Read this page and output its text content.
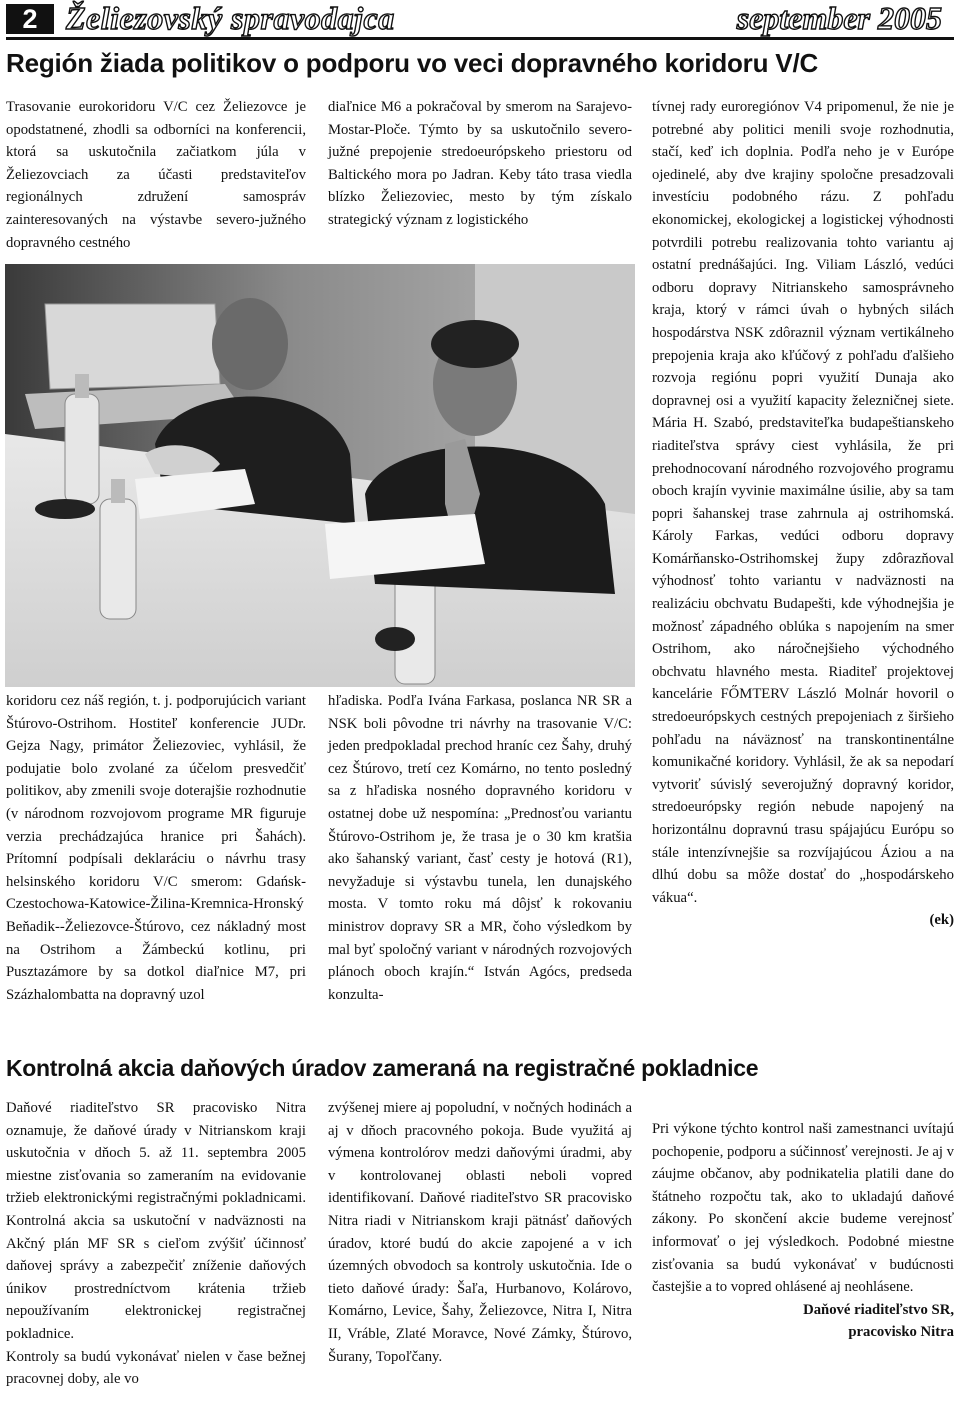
2 Želiezovský spravodajca	september 2005
Región žiada politikov o podporu vo veci dopravného koridoru V/C

Trasovanie eurokoridoru V/C cez Želiezovce je opodstatnené, zhodli sa odborníci na konferencii, ktorá sa uskutočnila začiatkom júla v Želiezovciach za účasti predstaviteľov regionálnych združení samospráv zainteresovaných na výstavbe severo-južného dopravného cestného

diaľnice M6 a pokračoval by smerom na Sarajevo-Mostar-Ploče. Týmto by sa uskutočnilo severo-južné prepojenie stredoeurópskeho priestoru od Baltického mora po Jadran. Keby táto trasa viedla blízko Želiezoviec, mesto by tým získalo strategický význam z logistického

koridoru cez náš región, t. j. podporujúcich variant Štúrovo-Ostrihom. Hostiteľ konferencie JUDr. Gejza Nagy, primátor Želiezoviec, vyhlásil, že podujatie bolo zvolané za účelom presvedčiť politikov, aby zmenili svoje doterajšie rozhodnutie (v národnom rozvojovom programe MR figuruje verzia prechádzajúca hranice pri Šahách). Prítomní podpísali deklaráciu o návrhu trasy helsinského koridoru V/C smerom: Gdańsk-Czestochowa-Katowice-Žilina-Kremnica-Hronský Beňadik--Želiezovce-Štúrovo, cez nákladný most na Ostrihom a Žámbeckú kotlinu, pri Pusztazámore by sa dotkol diaľnice M7, pri Százhalombatta na dopravný uzol

hľadiska. Podľa Ivána Farkasa, poslanca NR SR a NSK boli pôvodne tri návrhy na trasovanie V/C: jeden predpokladal prechod hraníc cez Šahy, druhý cez Štúrovo, tretí cez Komárno, no tento posledný sa z hľadiska nosného dopravného koridoru v ostatnej dobe už nespomína: „Prednosťou variantu Štúrovo-Ostrihom je, že trasa je o 30 km kratšia ako šahanský variant, časť cesty je hotová (R1), nevyžaduje si výstavbu tunela, len dunajského mosta. V tomto roku má dôjsť k rokovaniu ministrov dopravy SR a MR, čoho výsledkom by mal byť spoločný variant v národných rozvojových plánoch oboch krajín.“ István Agócs, predseda konzulta-

tívnej rady euroregiónov V4 pripomenul, že nie je potrebné aby politici menili svoje rozhodnutia, stačí, keď ich doplnia. Podľa neho je v Európe ojedinelé, aby dve krajiny spoločne presadzovali investíciu podobného rázu. Z pohľadu ekonomickej, ekologickej a logistickej výhodnosti potvrdili potrebu realizovania tohto variantu aj ostatní prednášajúci. Ing. Viliam László, vedúci odboru dopravy Nitrianskeho samosprávneho kraja, ktorý v rámci úvah o hybných silách hospodárstva NSK zdôraznil význam vertikálneho prepojenia kraja ako kľúčový z pohľadu ďalšieho rozvoja regiónu popri využití Dunaja ako dopravnej osi a využití kapacity železničnej siete. Mária H. Szabó, predstaviteľka budapeštianskeho riaditeľstva správy ciest vyhlásila, že pri prehodnocovaní národného rozvojového programu oboch krajín vyvinie maximálne úsilie, aby sa tam popri šahanskej trase zahrnula aj ostrihomská. Károly Farkas, vedúci odboru dopravy Komárňansko-Ostrihomskej župy zdôrazňoval výhodnosť tohto variantu v nadväznosti na realizáciu obchvatu Budapešti, kde výhodnejšia je možnosť západného oblúka s napojením na smer Ostrihom, ako náročnejšieho východného obchvatu hlavného mesta. Riaditeľ projektovej kancelárie FŐMTERV László Molnár hovoril o stredoeurópskych cestných prepojeniach z širšieho pohľadu na náväznosť na transkontinentálne komunikačné koridory. Vyhlásil, že ak sa nepodarí vytvoriť súvislý severojužný dopravný koridor, stredoeurópsky región nebude napojený na horizontálnu dopravnú trasu spájajúcu Európu so stále intenzívnejšie sa rozvíjajúcou Áziou a na dlhú dobu sa môže dostať do „hospodárskeho vákua“.

(ek)

Kontrolná akcia daňových úradov zameraná na registračné pokladnice

Daňové riaditeľstvo SR pracovisko Nitra oznamuje, že daňové úrady v Nitrianskom kraji uskutočnia v dňoch 5. až 11. septembra 2005 miestne zisťovania so zameraním na evidovanie tržieb elektronickými registračnými pokladnicami. Kontrolná akcia sa uskutoční v nadväznosti na Akčný plán MF SR s cieľom zvýšiť účinnosť daňovej správy a zabezpečiť zníženie daňových únikov prostredníctvom krátenia tržieb nepoužívaním elektronickej registračnej pokladnice.

Kontroly sa budú vykonávať nielen v čase bežnej pracovnej doby, ale vo

zvýšenej miere aj popoludní, v nočných hodinách a aj v dňoch pracovného pokoja. Bude využitá aj výmena kontrolórov medzi daňovými úradmi, aby v kontrolovanej oblasti neboli vopred identifikovaní. Daňové riaditeľstvo SR pracovisko Nitra riadi v Nitrianskom kraji pätnásť daňových úradov, ktoré budú do akcie zapojené a v ich územných obvodoch sa kontroly uskutočnia. Ide o tieto daňové úrady: Šaľa, Hurbanovo, Kolárovo, Komárno, Levice, Šahy, Želiezovce, Nitra I, Nitra II, Vráble, Zlaté Moravce, Nové Zámky, Štúrovo, Šurany, Topoľčany.

Pri výkone týchto kontrol naši zamestnanci uvítajú pochopenie, podporu a súčinnosť verejnosti. Je aj v záujme občanov, aby podnikatelia platili dane do štátneho rozpočtu tak, ako to ukladajú daňové zákony. Po skončení akcie budeme verejnosť informovať o jej výsledkoch. Podobné miestne zisťovania sa budú vykonávať v budúcnosti častejšie a to vopred ohlásené aj neohlásene.

Daňové riaditeľstvo SR,

pracovisko Nitra
